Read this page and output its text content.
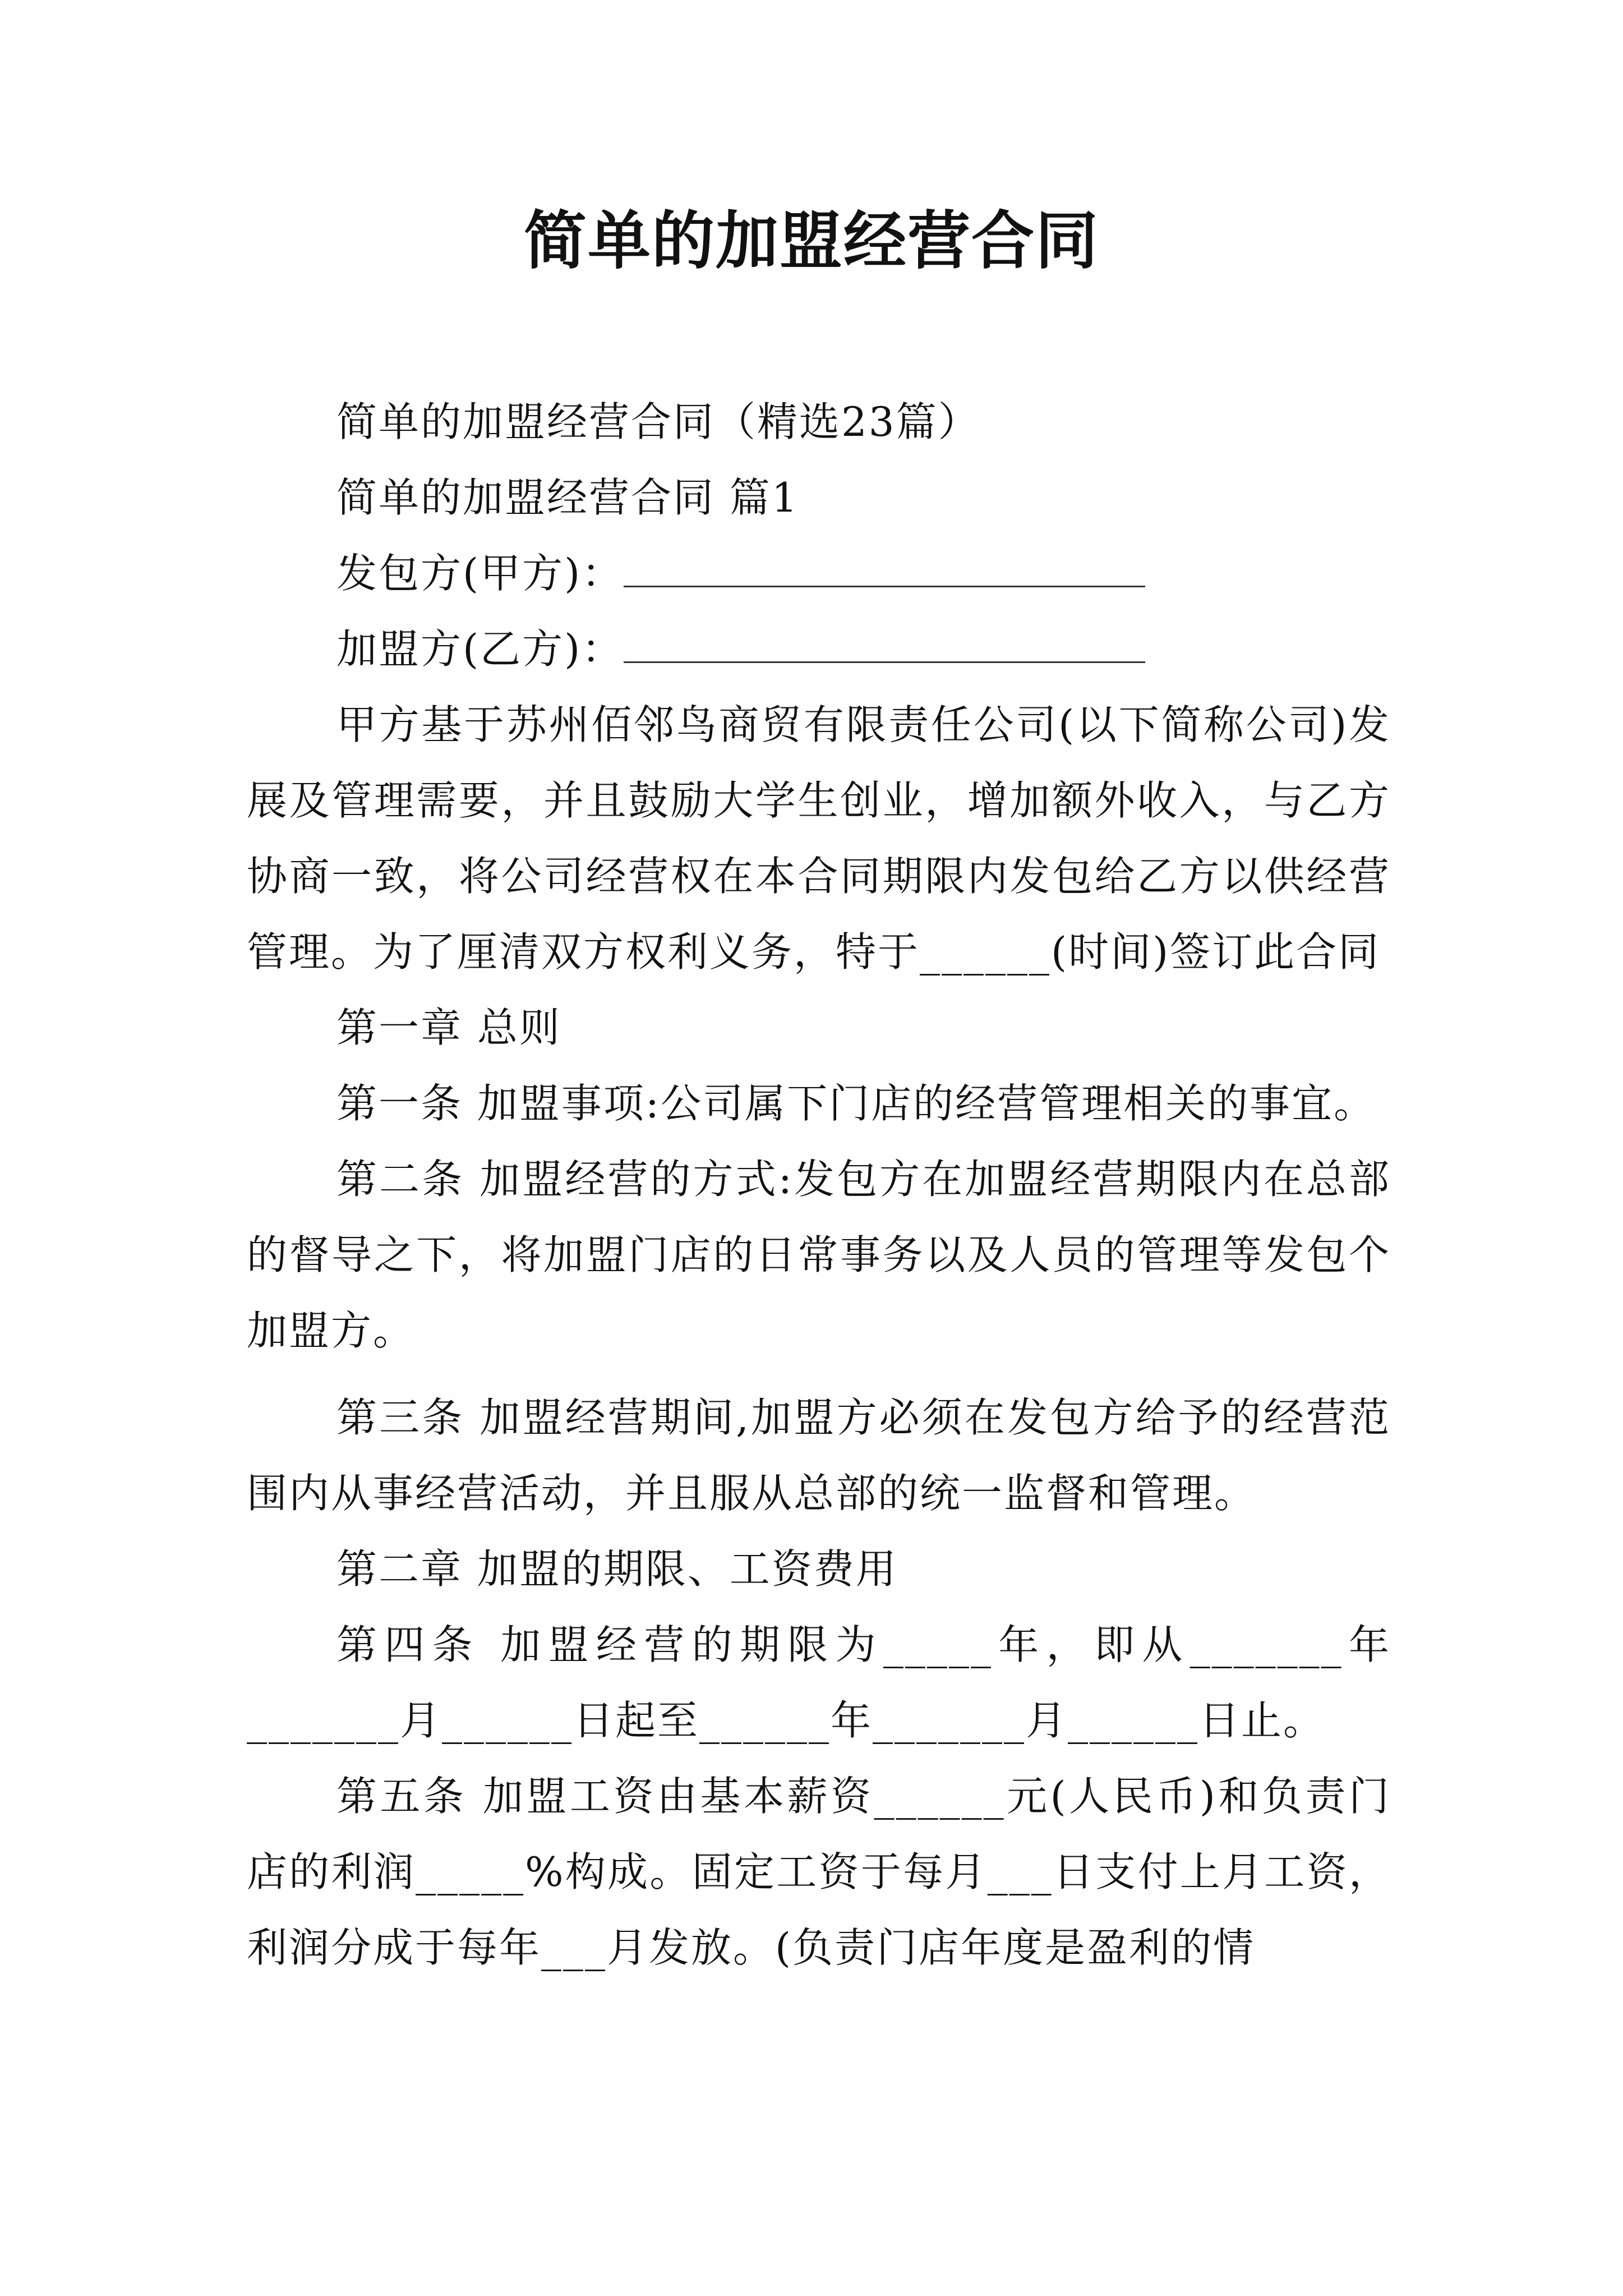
简单的加盟经营合同

简单的加盟经营合同（精选23篇）

简单的加盟经营合同 篇1

发包方(甲方)：

加盟方(乙方)：

甲方基于苏州佰邻鸟商贸有限责任公司(以下简称公司)发展及管理需要，并且鼓励大学生创业，增加额外收入，与乙方协商一致，将公司经营权在本合同期限内发包给乙方以供经营管理。为了厘清双方权利义务，特于______(时间)签订此合同

第一章 总则

第一条 加盟事项:公司属下门店的经营管理相关的事宜。

第二条 加盟经营的方式:发包方在加盟经营期限内在总部的督导之下，将加盟门店的日常事务以及人员的管理等发包个加盟方。

第三条 加盟经营期间,加盟方必须在发包方给予的经营范围内从事经营活动，并且服从总部的统一监督和管理。

第二章 加盟的期限、工资费用

第四条 加盟经营的期限为_____年，即从_______年_______月______日起至______年_______月______日止。

第五条 加盟工资由基本薪资______元(人民币)和负责门店的利润_____%构成。固定工资于每月___日支付上月工资，利润分成于每年___月发放。(负责门店年度是盈利的情
